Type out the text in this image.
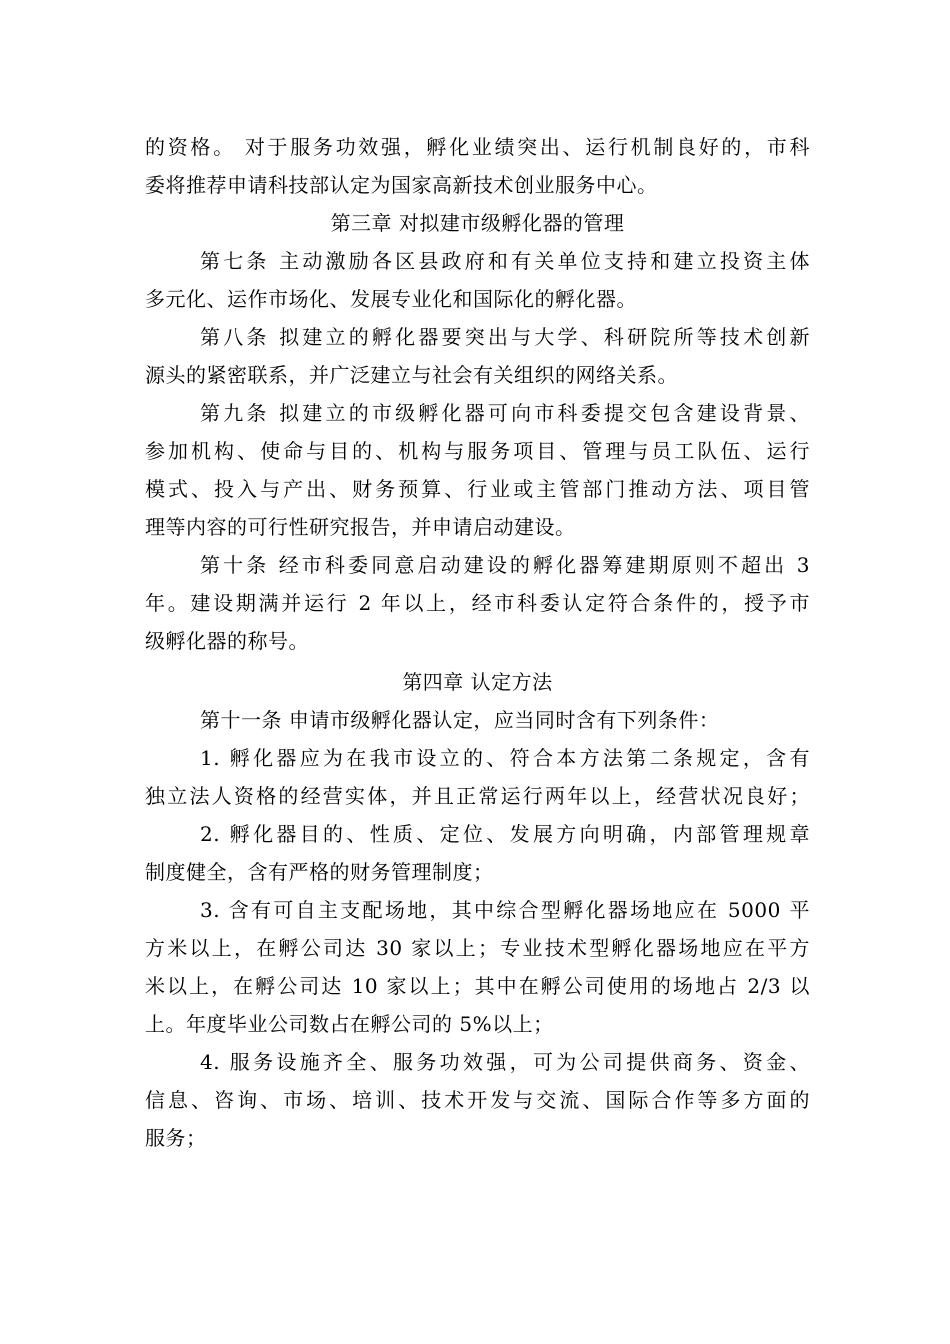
的资格。 对于服务功效强，孵化业绩突出、运行机制良好的，市科
委将推荐申请科技部认定为国家高新技术创业服务中心。
第三章 对拟建市级孵化器的管理
第七条 主动激励各区县政府和有关单位支持和建立投资主体
多元化、运作市场化、发展专业化和国际化的孵化器。
第八条 拟建立的孵化器要突出与大学、科研院所等技术创新
源头的紧密联系，并广泛建立与社会有关组织的网络关系。
第九条 拟建立的市级孵化器可向市科委提交包含建设背景、
参加机构、使命与目的、机构与服务项目、管理与员工队伍、运行
模式、投入与产出、财务预算、行业或主管部门推动方法、项目管
理等内容的可行性研究报告，并申请启动建设。
第十条 经市科委同意启动建设的孵化器筹建期原则不超出 3
年。建设期满并运行 2 年以上，经市科委认定符合条件的，授予市
级孵化器的称号。
第四章 认定方法
第十一条 申请市级孵化器认定，应当同时含有下列条件：
1. 孵化器应为在我市设立的、符合本方法第二条规定，含有
独立法人资格的经营实体，并且正常运行两年以上，经营状况良好；
2. 孵化器目的、性质、定位、发展方向明确，内部管理规章
制度健全，含有严格的财务管理制度；
3. 含有可自主支配场地，其中综合型孵化器场地应在 5000 平
方米以上，在孵公司达 30 家以上；专业技术型孵化器场地应在平方
米以上，在孵公司达 10 家以上；其中在孵公司使用的场地占 2/3 以
上。年度毕业公司数占在孵公司的 5%以上；
4. 服务设施齐全、服务功效强，可为公司提供商务、资金、
信息、咨询、市场、培训、技术开发与交流、国际合作等多方面的
服务；
